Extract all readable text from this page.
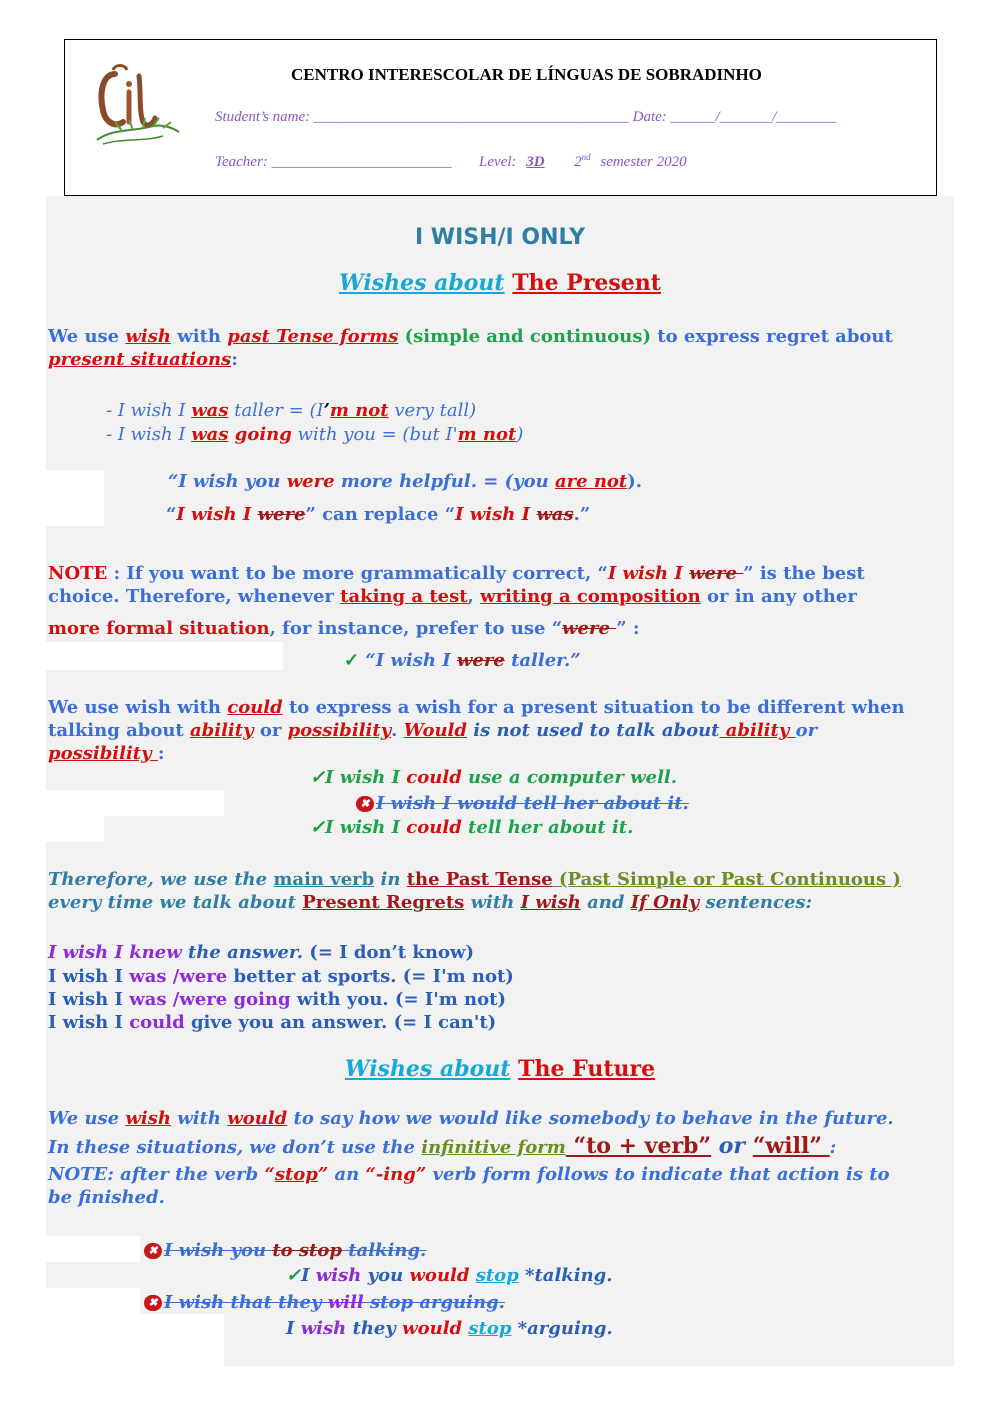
CENTRO INTERESCOLAR DE LÍNGUAS DE SOBRADINHO
Student’s name: __________________________________________ Date: ______/_______/________
Teacher: ________________________ Level: 3D 2nd semester 2020
I WISH/I ONLY
Wishes about The Present
We use wish with past Tense forms (simple and continuous) to express regret about
present situations:
- I wish I was taller = (I’m not very tall)
- I wish I was going with you = (but I'm not)
“I wish you were more helpful. = (you are not).
“I wish I were” can replace “I wish I was.”
NOTE : If you want to be more grammatically correct, “I wish I were ” is the best
choice. Therefore, whenever taking a test, writing a composition or in any other
more formal situation, for instance, prefer to use “were ” :
✓ “I wish I were taller.”
We use wish with could to express a wish for a present situation to be different when
talking about ability or possibility. Would is not used to talk about ability or
possibility :
✓I wish I could use a computer well.
✖ I wish I would tell her about it.
✓I wish I could tell her about it.
Therefore, we use the main verb in the Past Tense (Past Simple or Past Continuous )
every time we talk about Present Regrets with I wish and If Only sentences:
I wish I knew the answer. (= I don’t know)
I wish I was /were better at sports. (= I'm not)
I wish I was /were going with you. (= I'm not)
I wish I could give you an answer. (= I can't)
Wishes about The Future
We use wish with would to say how we would like somebody to behave in the future.
In these situations, we don’t use the infinitive form “to + verb” or “will” :
NOTE: after the verb “stop” an “-ing” verb form follows to indicate that action is to
be finished.
✖ I wish you to stop talking.
✓I wish you would stop *talking.
✖ I wish that they will stop arguing.
I wish they would stop *arguing.
